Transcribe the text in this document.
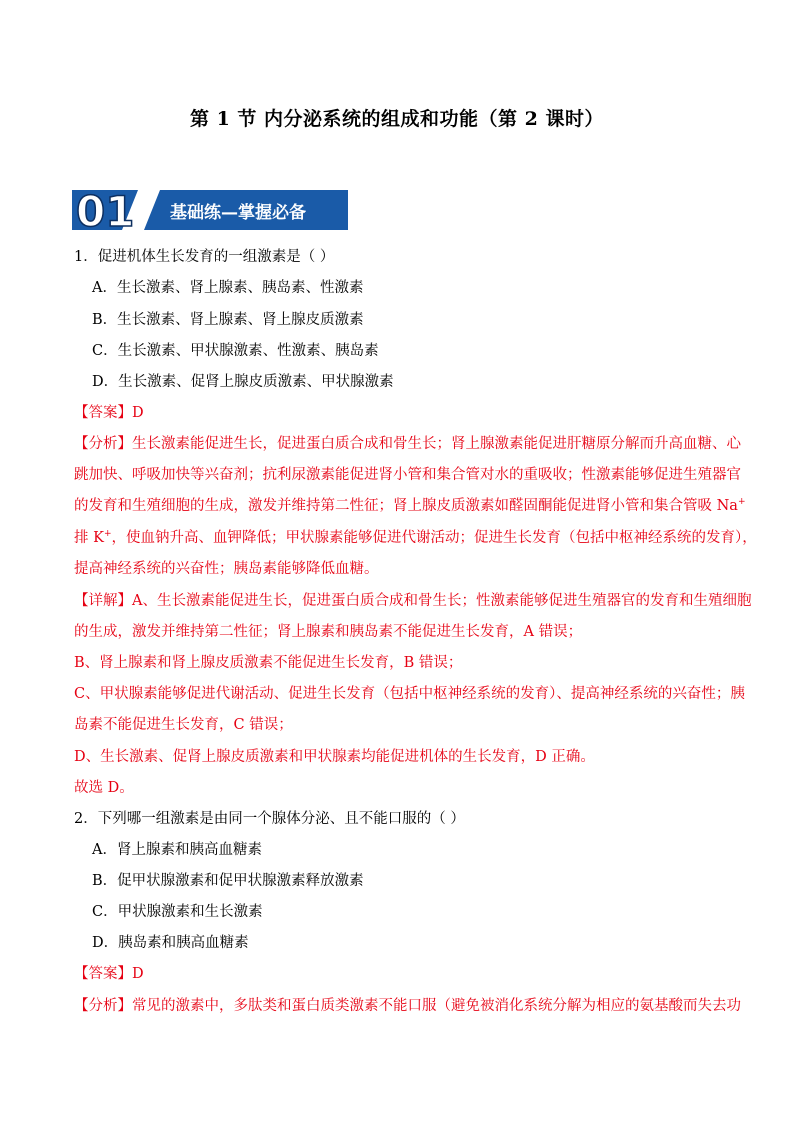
第 1 节 内分泌系统的组成和功能（第 2 课时）
01 基础练—掌握必备
1．促进机体生长发育的一组激素是（ ）
A．生长激素、肾上腺素、胰岛素、性激素
B．生长激素、肾上腺素、肾上腺皮质激素
C．生长激素、甲状腺激素、性激素、胰岛素
D．生长激素、促肾上腺皮质激素、甲状腺激素
【答案】D
【分析】生长激素能促进生长，促进蛋白质合成和骨生长；肾上腺激素能促进肝糖原分解而升高血糖、心
跳加快、呼吸加快等兴奋剂；抗利尿激素能促进肾小管和集合管对水的重吸收；性激素能够促进生殖器官
的发育和生殖细胞的生成，激发并维持第二性征；肾上腺皮质激素如醛固酮能促进肾小管和集合管吸 Na+
排 K+，使血钠升高、血钾降低；甲状腺素能够促进代谢活动；促进生长发育（包括中枢神经系统的发育），
提高神经系统的兴奋性；胰岛素能够降低血糖。
【详解】A、生长激素能促进生长，促进蛋白质合成和骨生长；性激素能够促进生殖器官的发育和生殖细胞
的生成，激发并维持第二性征；肾上腺素和胰岛素不能促进生长发育，A 错误；
B、肾上腺素和肾上腺皮质激素不能促进生长发育，B 错误；
C、甲状腺素能够促进代谢活动、促进生长发育（包括中枢神经系统的发育）、提高神经系统的兴奋性；胰
岛素不能促进生长发育，C 错误；
D、生长激素、促肾上腺皮质激素和甲状腺素均能促进机体的生长发育，D 正确。
故选 D。
2．下列哪一组激素是由同一个腺体分泌、且不能口服的（ ）
A．肾上腺素和胰高血糖素
B．促甲状腺激素和促甲状腺激素释放激素
C．甲状腺激素和生长激素
D．胰岛素和胰高血糖素
【答案】D
【分析】常见的激素中，多肽类和蛋白质类激素不能口服（避免被消化系统分解为相应的氨基酸而失去功
